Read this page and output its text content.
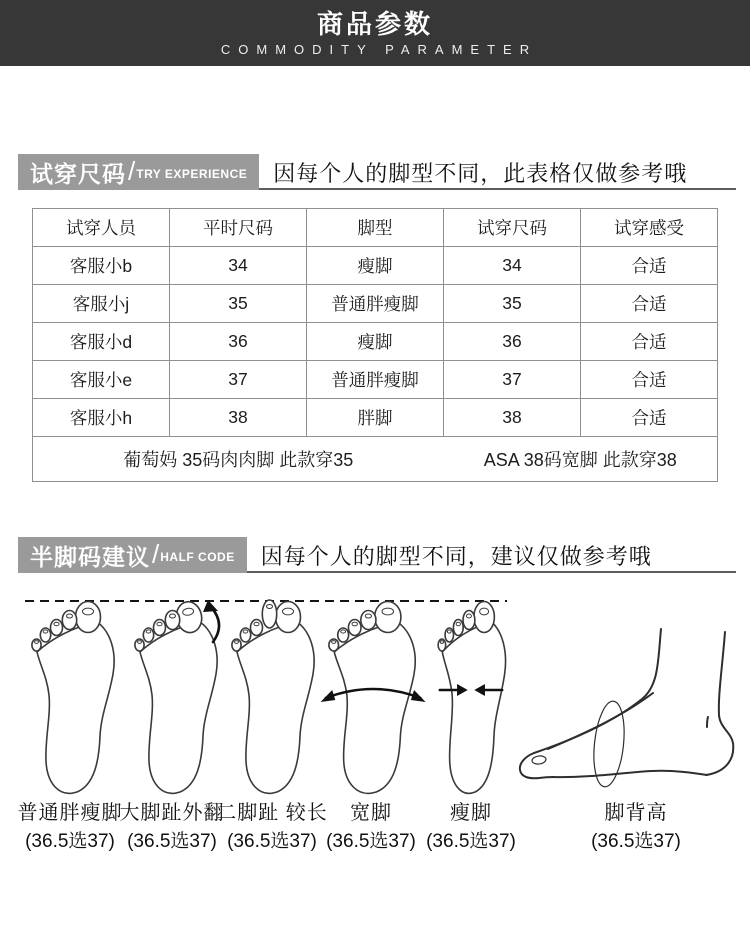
商品参数
COMMODITY PARAMETER
试穿尺码 / TRY EXPERIENCE 因每个人的脚型不同，此表格仅做参考哦
试穿人员	平时尺码	脚型	试穿尺码	试穿感受
客服小b	34	瘦脚	34	合适
客服小j	35	普通胖瘦脚	35	合适
客服小d	36	瘦脚	36	合适
客服小e	37	普通胖瘦脚	37	合适
客服小h	38	胖脚	38	合适
葡萄妈 35码肉肉脚 此款穿35			ASA 38码宽脚 此款穿38	
半脚码建议 / HALF CODE 因每个人的脚型不同，建议仅做参考哦
普通胖瘦脚
(36.5选37)
大脚趾外翻
(36.5选37)
二脚趾 较长
(36.5选37)
宽脚
(36.5选37)
瘦脚
(36.5选37)
脚背高
(36.5选37)
